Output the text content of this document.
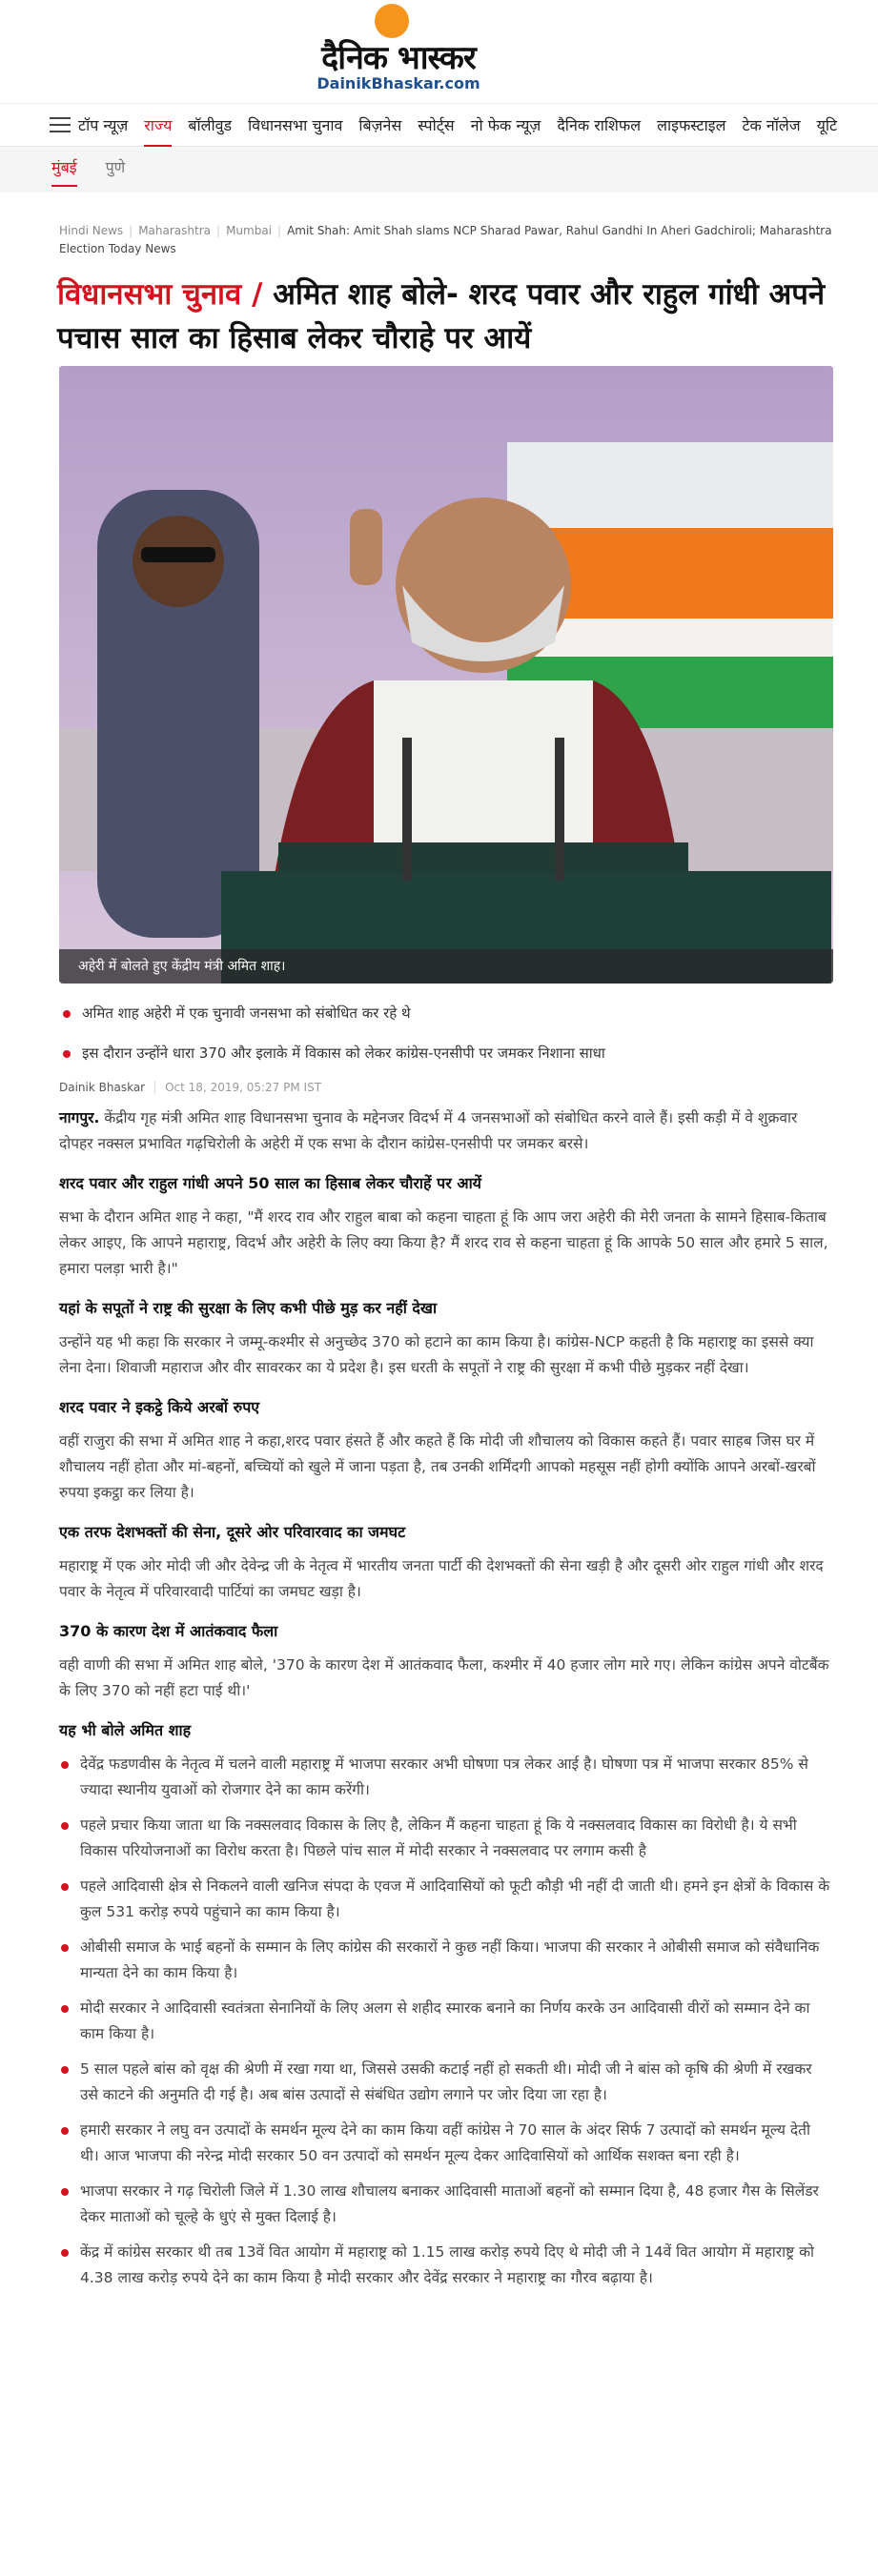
दैनिक भास्कर
DainikBhaskar.com
टॉप न्यूज़ राज्य बॉलीवुड विधानसभा चुनाव बिज़नेस स्पोर्ट्स नो फेक न्यूज़ दैनिक राशिफल लाइफस्टाइल टेक नॉलेज यूटि
मुंबई पुणे
Hindi News | Maharashtra | Mumbai | Amit Shah: Amit Shah slams NCP Sharad Pawar, Rahul Gandhi In Aheri Gadchiroli; Maharashtra Election Today News
विधानसभा चुनाव / अमित शाह बोले- शरद पवार और राहुल गांधी अपने पचास साल का हिसाब लेकर चौराहे पर आयें
अहेरी में बोलते हुए केंद्रीय मंत्री अमित शाह।
अमित शाह अहेरी में एक चुनावी जनसभा को संबोधित कर रहे थे
इस दौरान उन्होंने धारा 370 और इलाके में विकास को लेकर कांग्रेस-एनसीपी पर जमकर निशाना साधा
Dainik Bhaskar Oct 18, 2019, 05:27 PM IST

नागपुर. केंद्रीय गृह मंत्री अमित शाह विधानसभा चुनाव के मद्देनजर विदर्भ में 4 जनसभाओं को संबोधित करने वाले हैं। इसी कड़ी में वे शुक्रवार दोपहर नक्सल प्रभावित गढ़चिरोली के अहेरी में एक सभा के दौरान कांग्रेस-एनसीपी पर जमकर बरसे।

शरद पवार और राहुल गांधी अपने 50 साल का हिसाब लेकर चौराहें पर आयें

सभा के दौरान अमित शाह ने कहा, "मैं शरद राव और राहुल बाबा को कहना चाहता हूं कि आप जरा अहेरी की मेरी जनता के सामने हिसाब-किताब लेकर आइए, कि आपने महाराष्ट्र, विदर्भ और अहेरी के लिए क्या किया है? मैं शरद राव से कहना चाहता हूं कि आपके 50 साल और हमारे 5 साल, हमारा पलड़ा भारी है।"

यहां के सपूतों ने राष्ट्र की सुरक्षा के लिए कभी पीछे मुड़ कर नहीं देखा

उन्होंने यह भी कहा कि सरकार ने जम्मू-कश्मीर से अनुच्छेद 370 को हटाने का काम किया है। कांग्रेस-NCP कहती है कि महाराष्ट्र का इससे क्या लेना देना। शिवाजी महाराज और वीर सावरकर का ये प्रदेश है। इस धरती के सपूतों ने राष्ट्र की सुरक्षा में कभी पीछे मुड़कर नहीं देखा।

शरद पवार ने इकट्ठे किये अरबों रुपए

वहीं राजुरा की सभा में अमित शाह ने कहा,शरद पवार हंसते हैं और कहते हैं कि मोदी जी शौचालय को विकास कहते हैं। पवार साहब जिस घर में शौचालय नहीं होता और मां-बहनों, बच्चियों को खुले में जाना पड़ता है, तब उनकी शर्मिंदगी आपको महसूस नहीं होगी क्योंकि आपने अरबों-खरबों रुपया इकट्ठा कर लिया है।

एक तरफ देशभक्तों की सेना, दूसरे ओर परिवारवाद का जमघट

महाराष्ट्र में एक ओर मोदी जी और देवेन्द्र जी के नेतृत्व में भारतीय जनता पार्टी की देशभक्तों की सेना खड़ी है और दूसरी ओर राहुल गांधी और शरद पवार के नेतृत्व में परिवारवादी पार्टियां का जमघट खड़ा है।

370 के कारण देश में आतंकवाद फैला

वही वाणी की सभा में अमित शाह बोले, '370 के कारण देश में आतंकवाद फैला, कश्मीर में 40 हजार लोग मारे गए। लेकिन कांग्रेस अपने वोटबैंक के लिए 370 को नहीं हटा पाई थी।'

यह भी बोले अमित शाह
देवेंद्र फडणवीस के नेतृत्व में चलने वाली महाराष्ट्र में भाजपा सरकार अभी घोषणा पत्र लेकर आई है। घोषणा पत्र में भाजपा सरकार 85% से ज्यादा स्थानीय युवाओं को रोजगार देने का काम करेंगी।
पहले प्रचार किया जाता था कि नक्सलवाद विकास के लिए है, लेकिन मैं कहना चाहता हूं कि ये नक्सलवाद विकास का विरोधी है। ये सभी विकास परियोजनाओं का विरोध करता है। पिछले पांच साल में मोदी सरकार ने नक्सलवाद पर लगाम कसी है
पहले आदिवासी क्षेत्र से निकलने वाली खनिज संपदा के एवज में आदिवासियों को फूटी कौड़ी भी नहीं दी जाती थी। हमने इन क्षेत्रों के विकास के कुल 531 करोड़ रुपये पहुंचाने का काम किया है।
ओबीसी समाज के भाई बहनों के सम्मान के लिए कांग्रेस की सरकारों ने कुछ नहीं किया। भाजपा की सरकार ने ओबीसी समाज को संवैधानिक मान्यता देने का काम किया है।
मोदी सरकार ने आदिवासी स्वतंत्रता सेनानियों के लिए अलग से शहीद स्मारक बनाने का निर्णय करके उन आदिवासी वीरों को सम्मान देने का काम किया है।
5 साल पहले बांस को वृक्ष की श्रेणी में रखा गया था, जिससे उसकी कटाई नहीं हो सकती थी। मोदी जी ने बांस को कृषि की श्रेणी में रखकर उसे काटने की अनुमति दी गई है। अब बांस उत्पादों से संबंधित उद्योग लगाने पर जोर दिया जा रहा है।
हमारी सरकार ने लघु वन उत्पादों के समर्थन मूल्य देने का काम किया वहीं कांग्रेस ने 70 साल के अंदर सिर्फ 7 उत्पादों को समर्थन मूल्य देती थी। आज भाजपा की नरेन्द्र मोदी सरकार 50 वन उत्पादों को समर्थन मूल्य देकर आदिवासियों को आर्थिक सशक्त बना रही है।
भाजपा सरकार ने गढ़ चिरोली जिले में 1.30 लाख शौचालय बनाकर आदिवासी माताओं बहनों को सम्मान दिया है, 48 हजार गैस के सिलेंडर देकर माताओं को चूल्हे के धुएं से मुक्त दिलाई है।
केंद्र में कांग्रेस सरकार थी तब 13वें वित आयोग में महाराष्ट्र को 1.15 लाख करोड़ रुपये दिए थे मोदी जी ने 14वें वित आयोग में महाराष्ट्र को 4.38 लाख करोड़ रुपये देने का काम किया है मोदी सरकार और देवेंद्र सरकार ने महाराष्ट्र का गौरव बढ़ाया है।
